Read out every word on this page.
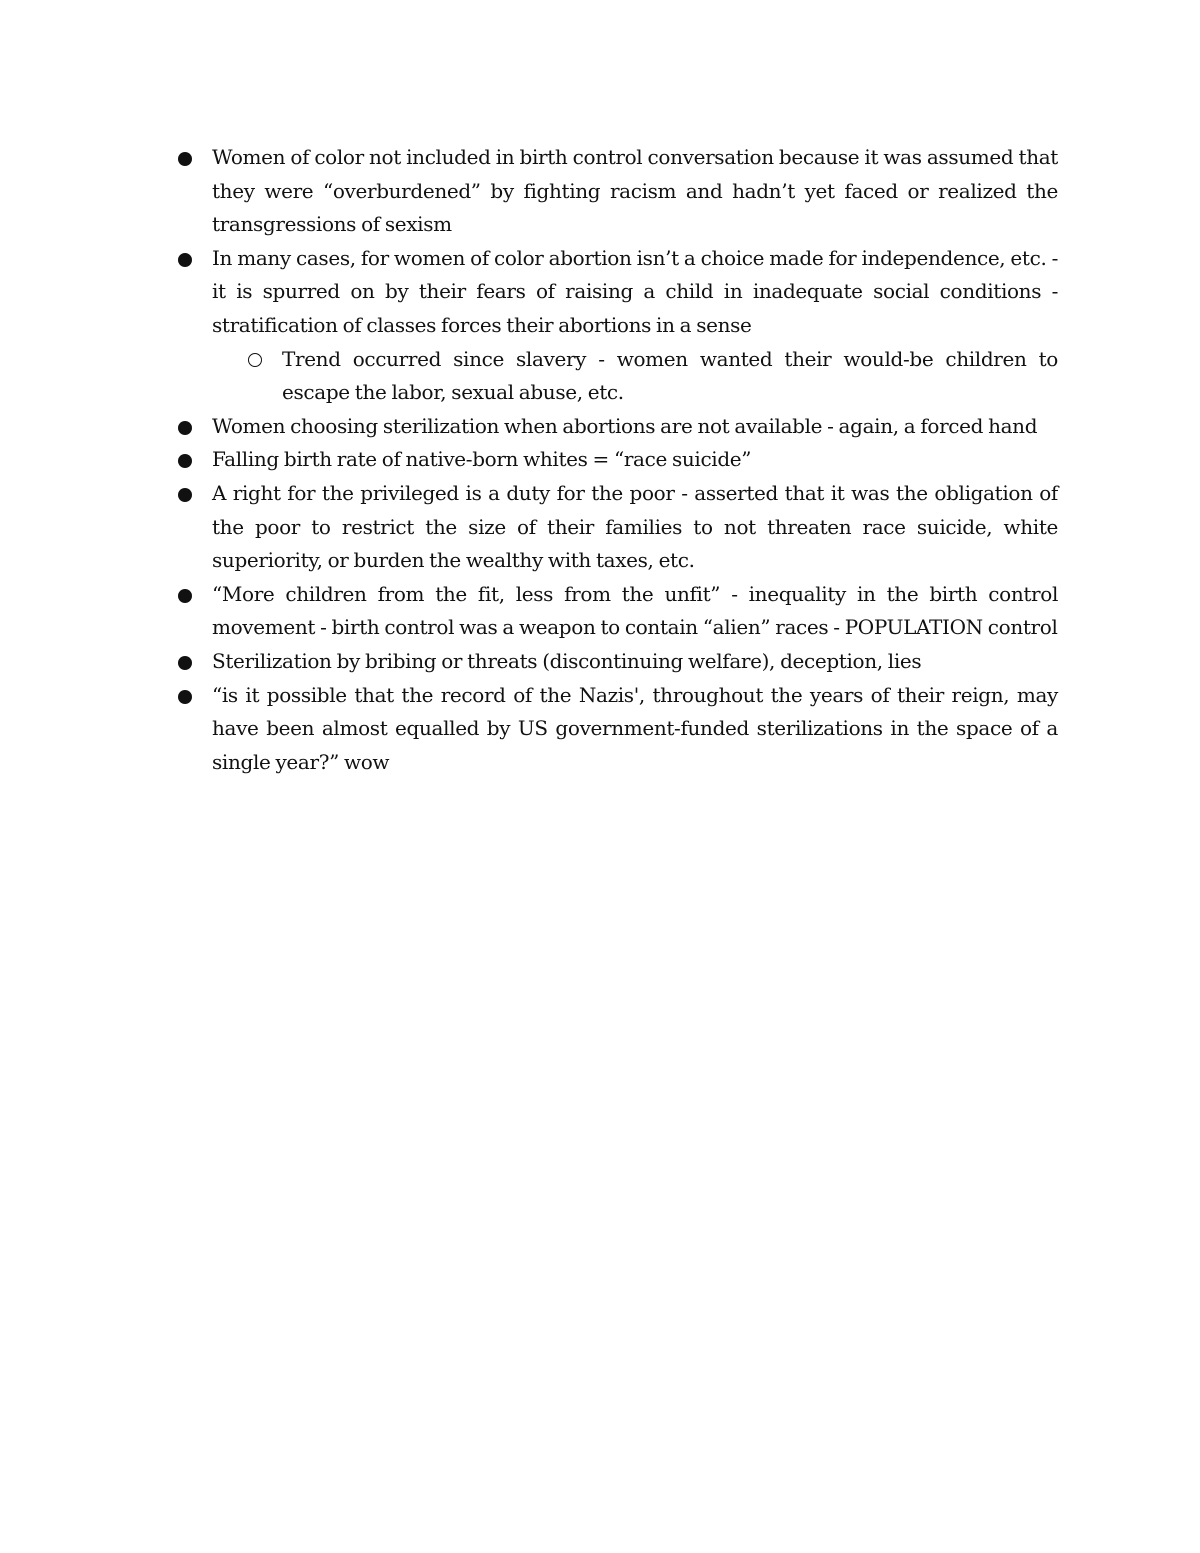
Women of color not included in birth control conversation because it was assumed that they were “overburdened” by fighting racism and hadn’t yet faced or realized the transgressions of sexism
In many cases, for women of color abortion isn’t a choice made for independence, etc. - it is spurred on by their fears of raising a child in inadequate social conditions - stratification of classes forces their abortions in a sense
Trend occurred since slavery - women wanted their would-be children to escape the labor, sexual abuse, etc.
Women choosing sterilization when abortions are not available - again, a forced hand
Falling birth rate of native-born whites = “race suicide”
A right for the privileged is a duty for the poor - asserted that it was the obligation of the poor to restrict the size of their families to not threaten race suicide, white superiority, or burden the wealthy with taxes, etc.
“More children from the fit, less from the unfit” - inequality in the birth control movement - birth control was a weapon to contain “alien” races - POPULATION control
Sterilization by bribing or threats (discontinuing welfare), deception, lies
“is it possible that the record of the Nazis', throughout the years of their reign, may have been almost equalled by US government-funded sterilizations in the space of a single year?” wow
